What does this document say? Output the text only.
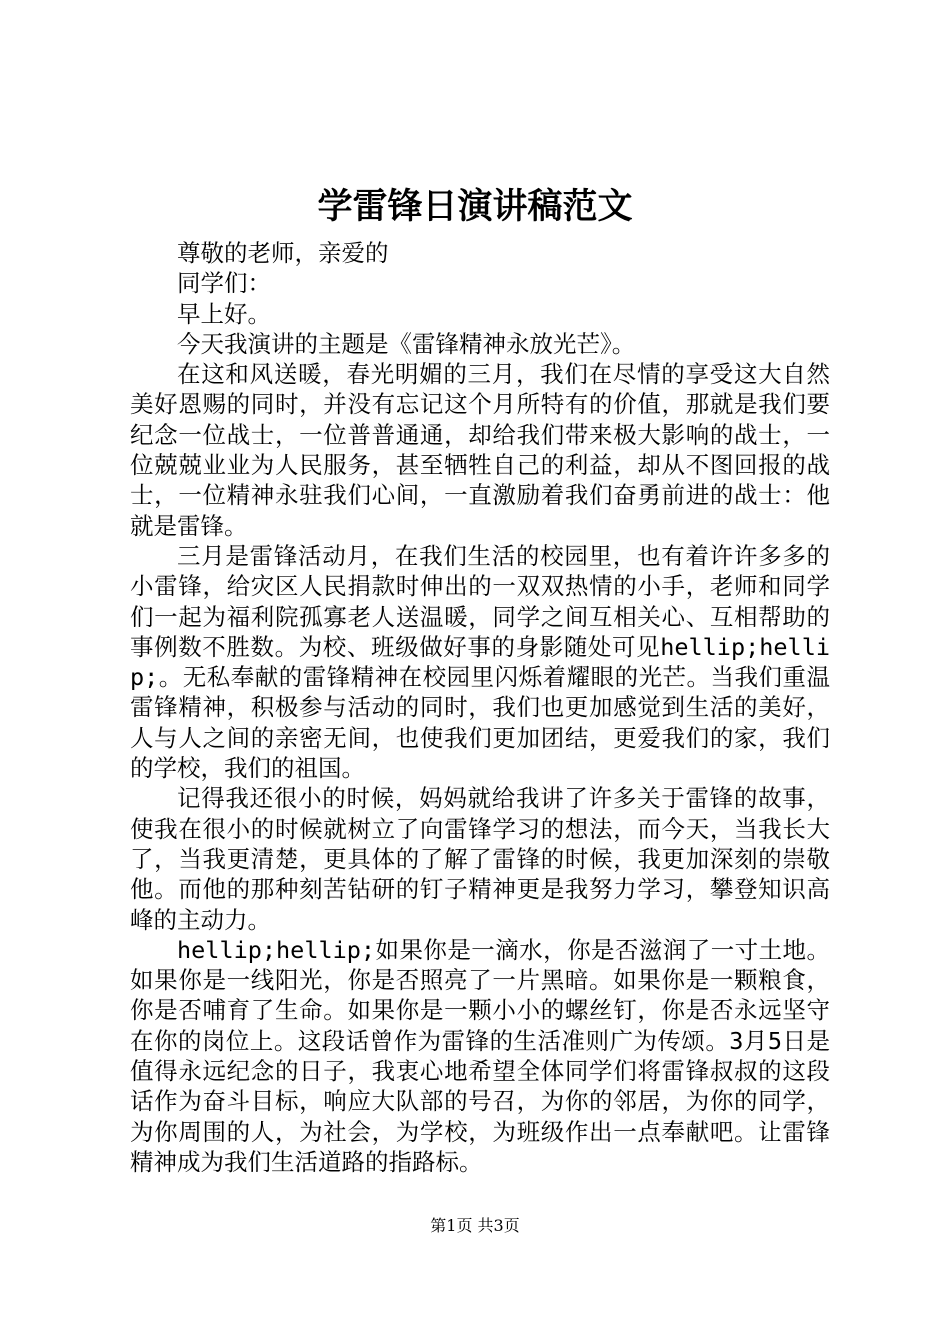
学雷锋日演讲稿范文

尊敬的老师，亲爱的

同学们：

早上好。

今天我演讲的主题是《雷锋精神永放光芒》。

在这和风送暖，春光明媚的三月，我们在尽情的享受这大自然美好恩赐的同时，并没有忘记这个月所特有的价值，那就是我们要纪念一位战士，一位普普通通，却给我们带来极大影响的战士，一位兢兢业业为人民服务，甚至牺牲自己的利益，却从不图回报的战士，一位精神永驻我们心间，一直激励着我们奋勇前进的战士：他就是雷锋。

三月是雷锋活动月，在我们生活的校园里，也有着许许多多的小雷锋，给灾区人民捐款时伸出的一双双热情的小手，老师和同学们一起为福利院孤寡老人送温暖，同学之间互相关心、互相帮助的事例数不胜数。为校、班级做好事的身影随处可见hellip;hellip;。无私奉献的雷锋精神在校园里闪烁着耀眼的光芒。当我们重温雷锋精神，积极参与活动的同时，我们也更加感觉到生活的美好，人与人之间的亲密无间，也使我们更加团结，更爱我们的家，我们的学校，我们的祖国。

记得我还很小的时候，妈妈就给我讲了许多关于雷锋的故事，使我在很小的时候就树立了向雷锋学习的想法，而今天，当我长大了，当我更清楚，更具体的了解了雷锋的时候，我更加深刻的崇敬他。而他的那种刻苦钻研的钉子精神更是我努力学习，攀登知识高峰的主动力。

hellip;hellip;如果你是一滴水，你是否滋润了一寸土地。如果你是一线阳光，你是否照亮了一片黑暗。如果你是一颗粮食，你是否哺育了生命。如果你是一颗小小的螺丝钉，你是否永远坚守在你的岗位上。这段话曾作为雷锋的生活准则广为传颂。3月5日是值得永远纪念的日子，我衷心地希望全体同学们将雷锋叔叔的这段话作为奋斗目标，响应大队部的号召，为你的邻居，为你的同学，为你周围的人，为社会，为学校，为班级作出一点奉献吧。让雷锋精神成为我们生活道路的指路标。

第1页 共3页
